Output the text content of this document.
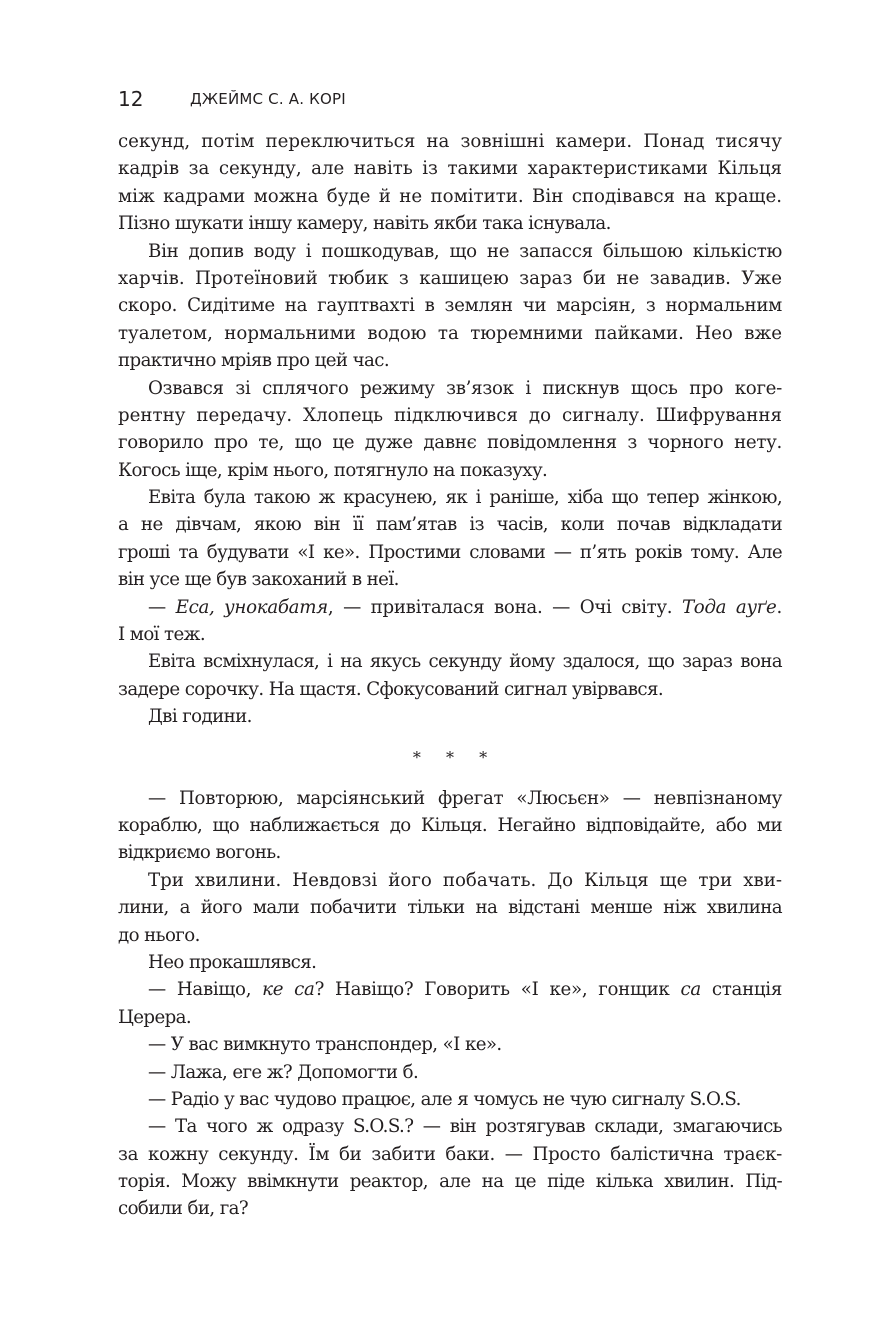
12	ДЖЕЙМС С. А. КОРІ
секунд, потім переключиться на зовнішні камери. Понад тисячу
кадрів за секунду, але навіть із такими характеристиками Кільця
між кадрами можна буде й не помітити. Він сподівався на краще.
Пізно шукати іншу камеру, навіть якби така існувала.
Він допив воду і пошкодував, що не запасся більшою кількістю
харчів. Протеїновий тюбик з кашицею зараз би не завадив. Уже
скоро. Сидітиме на гауптвахті в землян чи марсіян, з нормальним
туалетом, нормальними водою та тюремними пайками. Нео вже
практично мріяв про цей час.
Озвався зі сплячого режиму зв’язок і пискнув щось про коге-
рентну передачу. Хлопець підключився до сигналу. Шифрування
говорило про те, що це дуже давнє повідомлення з чорного нету.
Когось іще, крім нього, потягнуло на показуху.
Евіта була такою ж красунею, як і раніше, хіба що тепер жінкою,
а не дівчам, якою він її пам’ятав із часів, коли почав відкладати
гроші та будувати «І ке». Простими словами — п’ять років тому. Але
він усе ще був закоханий в неї.
— Еса, унокабатя, — привіталася вона. — Очі світу. Тода ауґе.
І мої теж.
Евіта всміхнулася, і на якусь секунду йому здалося, що зараз вона
задере сорочку. На щастя. Сфокусований сигнал увірвався.
Дві години.
* * *
— Повторюю, марсіянський фрегат «Люсьєн» — невпізнаному
кораблю, що наближається до Кільця. Негайно відповідайте, або ми
відкриємо вогонь.
Три хвилини. Невдовзі його побачать. До Кільця ще три хви-
лини, а його мали побачити тільки на відстані менше ніж хвилина
до нього.
Нео прокашлявся.
— Навіщо, ке са? Навіщо? Говорить «І ке», гонщик са станція
Церера.
— У вас вимкнуто транспондер, «І ке».
— Лажа, еге ж? Допомогти б.
— Радіо у вас чудово працює, але я чомусь не чую сигналу S.O.S.
— Та чого ж одразу S.O.S.? — він розтягував склади, змагаючись
за кожну секунду. Їм би забити баки. — Просто балістична траєк-
торія. Можу ввімкнути реактор, але на це піде кілька хвилин. Під-
собили би, га?
